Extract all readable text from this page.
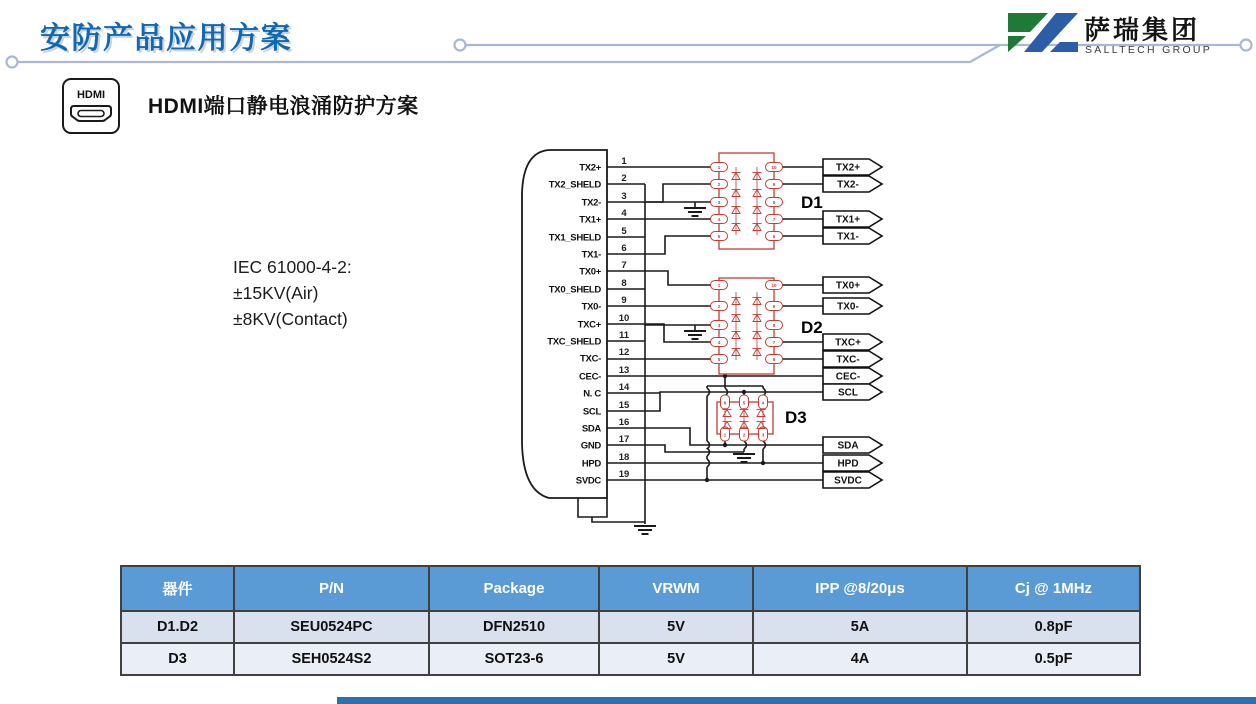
安防产品应用方案	萨瑞集团
SALLTECH GROUP
HDMI HDMI端口静电浪涌防护方案
IEC 61000-4-2:
±15KV(Air)
±8KV(Contact)
TX2+
1
TX2_SHELD
2
TX2-
3
TX1+
4
TX1_SHELD
5
TX1-
6
TX0+
7
TX0_SHELD
8
TX0-
9
TXC+
10
TXC_SHELD
11
TXC-
12
CEC-
13
N. C
14
SCL
15
SDA
16
GND
17
HPD
18
SVDC
19
1	10
2	9
3	8
4	7
5	6
1	10
2	9
3	8
4	7
5	6
6
1
5
2
4
3
D1
D2
D3
TX2+
TX2-
TX1+
TX1-
TX0+
TX0-
TXC+
TXC-
CEC-
SCL
SDA
HPD
SVDC
器件	P/N	Package	VRWM	IPP @8/20μs	Cj @ 1MHz
D1.D2	SEU0524PC	DFN2510	5V	5A	0.8pF
D3	SEH0524S2	SOT23-6	5V	4A	0.5pF
